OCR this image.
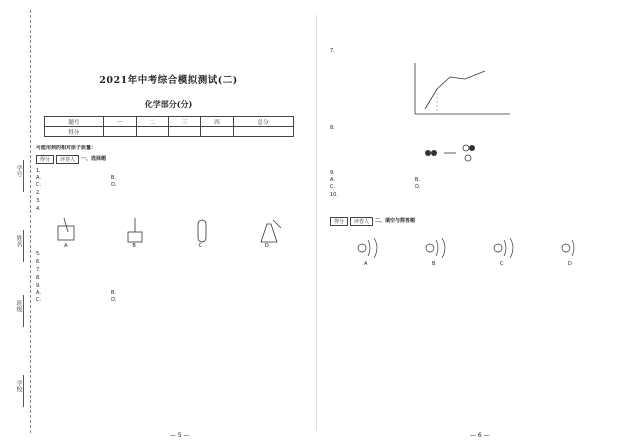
学号
姓名
班级
学校
2021年中考综合模拟测试(二)
化学部分(分)
题号	一	二	三	四	总分
得分					
可能用到的相对原子质量：
得分	评卷人	一、选择题
1.
A.	B.
C.	D.
2.
3.
4.
A	B	C	D
5.
6.
7.
8.
9.
A.	B.
C.	D.
— 5 —
7.
8.
9.
A.	B.
C.	D.
10.
得分	评卷人	二、填空与简答题
A	B	C	D
— 6 —
